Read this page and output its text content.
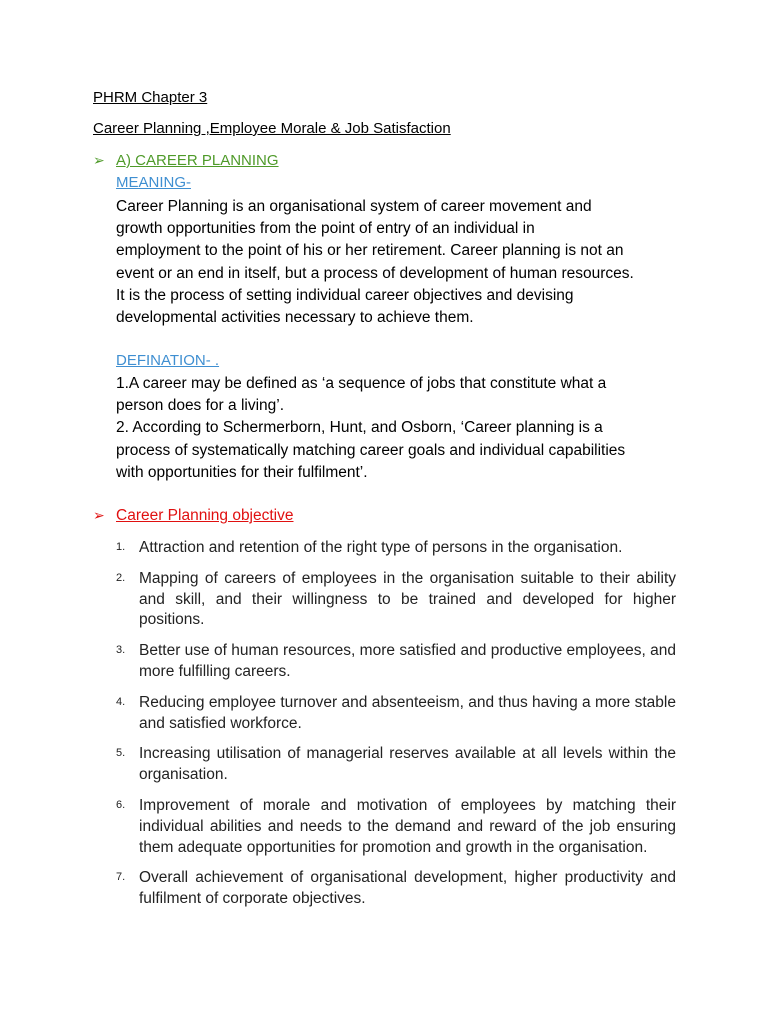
PHRM Chapter 3
Career Planning ,Employee Morale & Job Satisfaction
➢ A) CAREER PLANNING
MEANING-
Career Planning is an organisational system of career movement and
growth opportunities from the point of entry of an individual in
employment to the point of his or her retirement. Career planning is not an
event or an end in itself, but a process of development of human resources.
It is the process of setting individual career objectives and devising
developmental activities necessary to achieve them.
DEFINATION- .
1.A career may be defined as ‘a sequence of jobs that constitute what a
person does for a living’.
2. According to Schermerborn, Hunt, and Osborn, ‘Career planning is a
process of systematically matching career goals and individual capabilities
with opportunities for their fulfilment’.
➢ Career Planning objective
1. Attraction and retention of the right type of persons in the organisation.
2. Mapping of careers of employees in the organisation suitable to their ability and skill, and their willingness to be trained and developed for higher positions.
3. Better use of human resources, more satisfied and productive employees, and more fulfilling careers.
4. Reducing employee turnover and absenteeism, and thus having a more stable and satisfied workforce.
5. Increasing utilisation of managerial reserves available at all levels within the organisation.
6. Improvement of morale and motivation of employees by matching their individual abilities and needs to the demand and reward of the job ensuring them adequate opportunities for promotion and growth in the organisation.
7. Overall achievement of organisational development, higher productivity and fulfilment of corporate objectives.
